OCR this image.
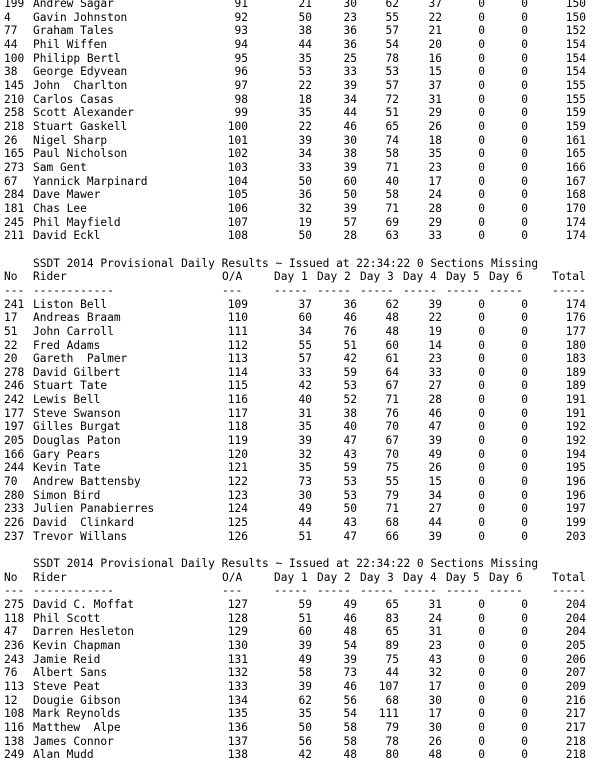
199 Andrew Sagar	91	21	30	62	37	0	0	150
4 Gavin Johnston	92	50	23	55	22	0	0	150
77 Graham Tales	93	38	36	57	21	0	0	152
44 Phil Wiffen	94	44	36	54	20	0	0	154
100 Philipp Bertl	95	35	25	78	16	0	0	154
38 George Edyvean	96	53	33	53	15	0	0	154
145 John  Charlton	97	22	39	57	37	0	0	155
210 Carlos Casas	98	18	34	72	31	0	0	155
258 Scott Alexander	99	35	44	51	29	0	0	159
218 Stuart Gaskell	100	22	46	65	26	0	0	159
26 Nigel Sharp	101	39	30	74	18	0	0	161
165 Paul Nicholson	102	34	38	58	35	0	0	165
273 Sam Gent	103	33	39	71	23	0	0	166
67 Yannick Marpinard	104	50	60	40	17	0	0	167
284 Dave Mawer	105	36	50	58	24	0	0	168
181 Chas Lee	106	32	39	71	28	0	0	170
245 Phil Mayfield	107	19	57	69	29	0	0	174
211 David Eckl	108	50	28	63	33	0	0	174
SSDT 2014 Provisional Daily Results ~ Issued at 22:34:22 0 Sections Missing
No Rider	O/A	Day 1 Day 2 Day 3 Day 4 Day 5 Day 6	Total
--- ------------	---	----- ----- ----- ----- ----- -----	-----
241 Liston Bell	109	37	36	62	39	0	0	174
17 Andreas Braam	110	60	46	48	22	0	0	176
51 John Carroll	111	34	76	48	19	0	0	177
22 Fred Adams	112	55	51	60	14	0	0	180
20 Gareth  Palmer	113	57	42	61	23	0	0	183
278 David Gilbert	114	33	59	64	33	0	0	189
246 Stuart Tate	115	42	53	67	27	0	0	189
242 Lewis Bell	116	40	52	71	28	0	0	191
177 Steve Swanson	117	31	38	76	46	0	0	191
197 Gilles Burgat	118	35	40	70	47	0	0	192
205 Douglas Paton	119	39	47	67	39	0	0	192
166 Gary Pears	120	32	43	70	49	0	0	194
244 Kevin Tate	121	35	59	75	26	0	0	195
70 Andrew Battensby	122	73	53	55	15	0	0	196
280 Simon Bird	123	30	53	79	34	0	0	196
233 Julien Panabierres	124	49	50	71	27	0	0	197
226 David  Clinkard	125	44	43	68	44	0	0	199
237 Trevor Willans	126	51	47	66	39	0	0	203
SSDT 2014 Provisional Daily Results ~ Issued at 22:34:22 0 Sections Missing
No Rider	O/A	Day 1 Day 2 Day 3 Day 4 Day 5 Day 6	Total
--- ------------	---	----- ----- ----- ----- ----- -----	-----
275 David C. Moffat	127	59	49	65	31	0	0	204
118 Phil Scott	128	51	46	83	24	0	0	204
47 Darren Hesleton	129	60	48	65	31	0	0	204
236 Kevin Chapman	130	39	54	89	23	0	0	205
243 Jamie Reid	131	49	39	75	43	0	0	206
76 Albert Sans	132	58	73	44	32	0	0	207
113 Steve Peat	133	39	46	107	17	0	0	209
12 Dougie Gibson	134	62	56	68	30	0	0	216
108 Mark Reynolds	135	35	54	111	17	0	0	217
116 Matthew  Alpe	136	50	58	79	30	0	0	217
138 James Connor	137	56	58	78	26	0	0	218
249 Alan Mudd	138	42	48	80	48	0	0	218
